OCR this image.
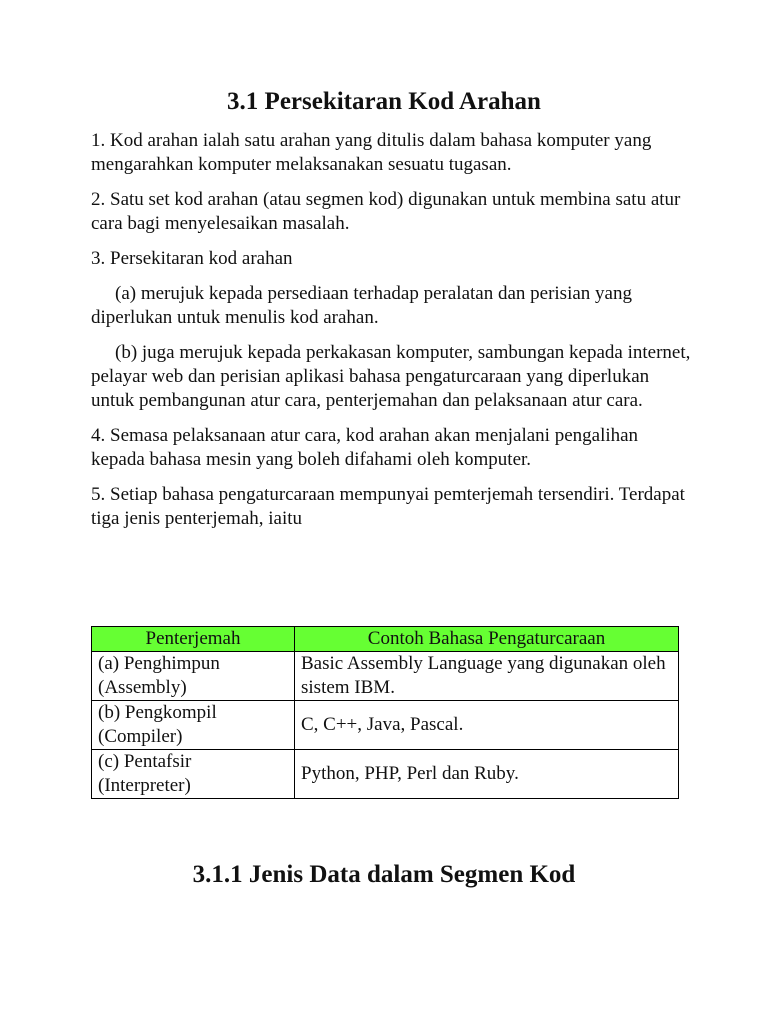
3.1 Persekitaran Kod Arahan

1. Kod arahan ialah satu arahan yang ditulis dalam bahasa komputer yang mengarahkan komputer melaksanakan sesuatu tugasan.

2. Satu set kod arahan (atau segmen kod) digunakan untuk membina satu atur cara bagi menyelesaikan masalah.

3. Persekitaran kod arahan

(a) merujuk kepada persediaan terhadap peralatan dan perisian yang diperlukan untuk menulis kod arahan.

(b) juga merujuk kepada perkakasan komputer, sambungan kepada internet, pelayar web dan perisian aplikasi bahasa pengaturcaraan yang diperlukan untuk pembangunan atur cara, penterjemahan dan pelaksanaan atur cara.

4. Semasa pelaksanaan atur cara, kod arahan akan menjalani pengalihan kepada bahasa mesin yang boleh difahami oleh komputer.

5. Setiap bahasa pengaturcaraan mempunyai pemterjemah tersendiri. Terdapat tiga jenis penterjemah, iaitu

Penterjemah	Contoh Bahasa Pengaturcaraan
(a) Penghimpun (Assembly)	Basic Assembly Language yang digunakan oleh sistem IBM.
(b) Pengkompil (Compiler)	C, C++, Java, Pascal.
(c) Pentafsir (Interpreter)	Python, PHP, Perl dan Ruby.
3.1.1 Jenis Data dalam Segmen Kod
